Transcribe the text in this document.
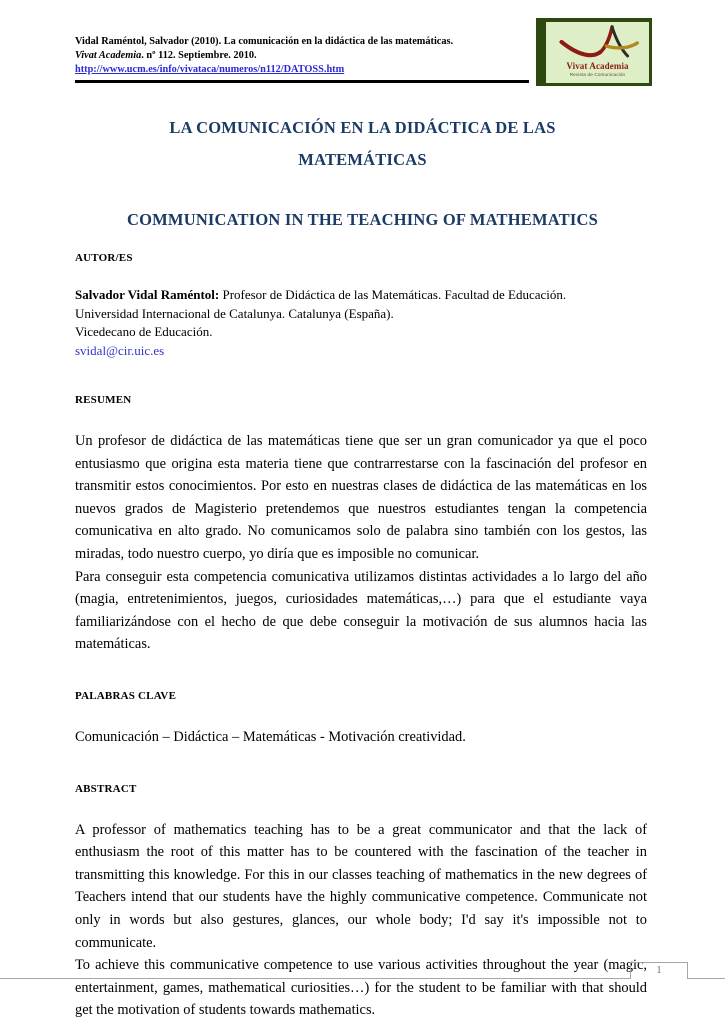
Vidal Raméntol, Salvador (2010). La comunicación en la didáctica de las matemáticas.
Vivat Academia. nº 112. Septiembre. 2010.
http://www.ucm.es/info/vivataca/numeros/n112/DATOSS.htm	Vivat Academia
Revista de Comunicación
LA COMUNICACIÓN EN LA DIDÁCTICA DE LAS
MATEMÁTICAS
COMMUNICATION IN THE TEACHING OF MATHEMATICS

AUTOR/ES

Salvador Vidal Raméntol: Profesor de Didáctica de las Matemáticas. Facultad de Educación.
Universidad Internacional de Catalunya. Catalunya (España).
Vicedecano de Educación.
svidal@cir.uic.es

RESUMEN

Un profesor de didáctica de las matemáticas tiene que ser un gran comunicador ya que el poco entusiasmo que origina esta materia tiene que contrarrestarse con la fascinación del profesor en transmitir estos conocimientos. Por esto en nuestras clases de didáctica de las matemáticas en los nuevos grados de Magisterio pretendemos que nuestros estudiantes tengan la competencia comunicativa en alto grado. No comunicamos solo de palabra sino también con los gestos, las miradas, todo nuestro cuerpo, yo diría que es imposible no comunicar.

Para conseguir esta competencia comunicativa utilizamos distintas actividades a lo largo del año (magia, entretenimientos, juegos, curiosidades matemáticas,…) para que el estudiante vaya familiarizándose con el hecho de que debe conseguir la motivación de sus alumnos hacia las matemáticas.

PALABRAS CLAVE

Comunicación – Didáctica – Matemáticas - Motivación creatividad.

ABSTRACT

A professor of mathematics teaching has to be a great communicator and that the lack of enthusiasm the root of this matter has to be countered with the fascination of the teacher in transmitting this knowledge. For this in our classes teaching of mathematics in the new degrees of Teachers intend that our students have the highly communicative competence. Communicate not only in words but also gestures, glances, our whole body; I'd say it's impossible not to communicate.

To achieve this communicative competence to use various activities throughout the year (magic, entertainment, games, mathematical curiosities…) for the student to be familiar with that should get the motivation of students towards mathematics.

1
